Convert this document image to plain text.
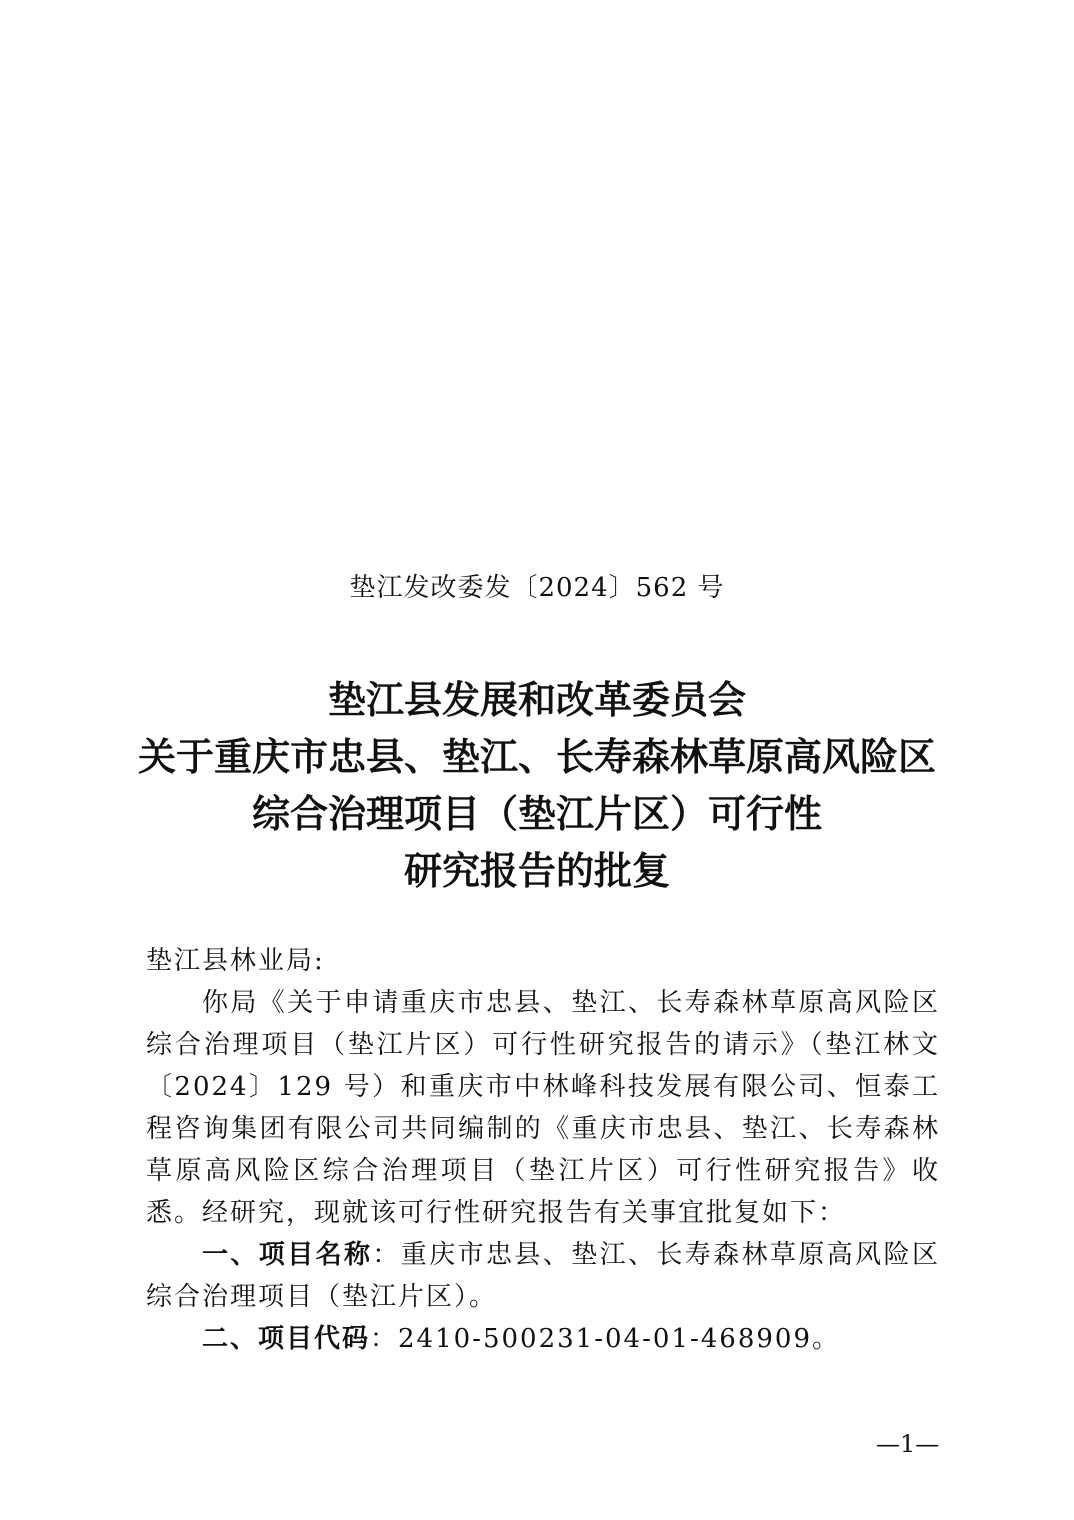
垫江发改委发〔2024〕562 号
垫江县发展和改革委员会
关于重庆市忠县、垫江、长寿森林草原高风险区
综合治理项目（垫江片区）可行性
研究报告的批复

垫江县林业局:

你局《关于申请重庆市忠县、垫江、长寿森林草原高风险区综合治理项目（垫江片区）可行性研究报告的请示》（垫江林文〔2024〕129 号）和重庆市中林峰科技发展有限公司、恒泰工程咨询集团有限公司共同编制的《重庆市忠县、垫江、长寿森林草原高风险区综合治理项目（垫江片区）可行性研究报告》收悉。经研究，现就该可行性研究报告有关事宜批复如下：

一、项目名称：重庆市忠县、垫江、长寿森林草原高风险区综合治理项目（垫江片区）。

二、项目代码：2410-500231-04-01-468909。

—1—
